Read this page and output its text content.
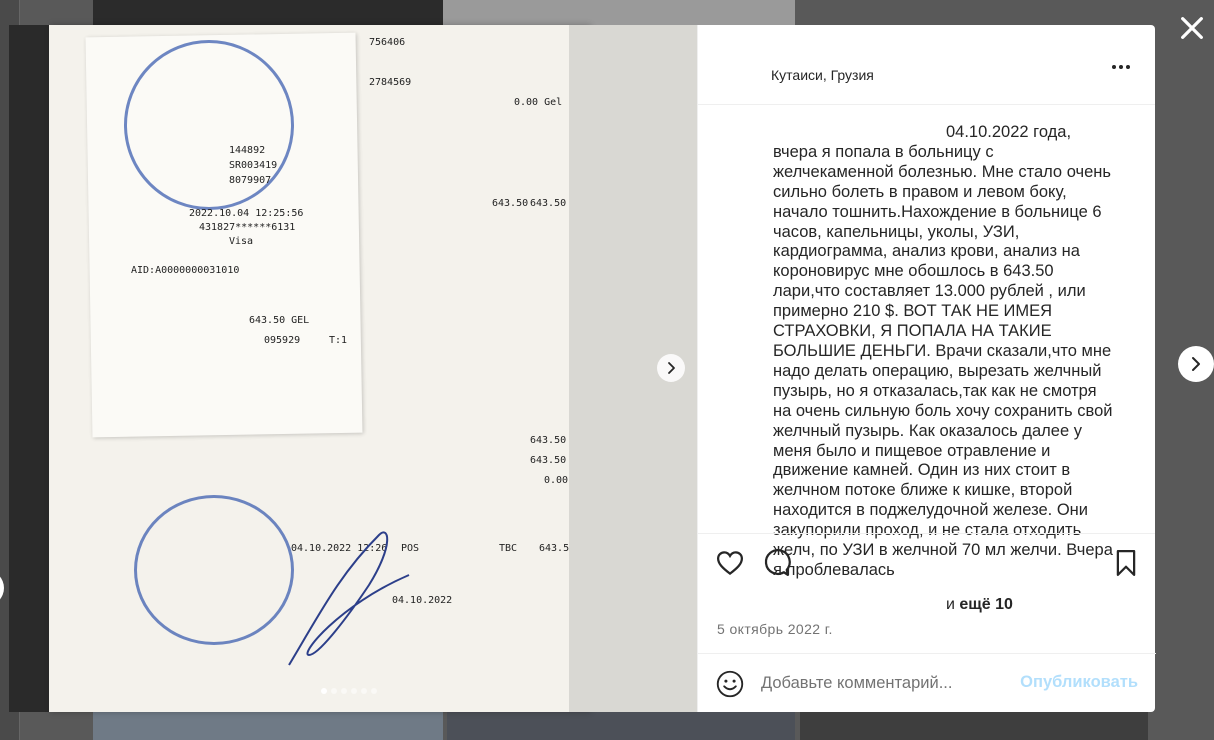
144892
SR003419
8079907
2022.10.04 12:25:56
431827******6131
Visa
AID:A0000000031010
643.50 GEL
095929	T:1
756406
2784569
0.00 Gel
643.50 643.50
643.50
643.50
0.00
04.10.2022 12:26 POS	TBC 643.5
04.10.2022
Кутаиси, Грузия

04.10.2022 года, вчера я попала в больницу с желчекаменной болезнью. Мне стало очень сильно болеть в правом и левом боку, начало тошнить.Нахождение в больнице 6 часов, капельницы, уколы, УЗИ, кардиограмма, анализ крови, анализ на короновирус мне обошлось в 643.50 лари,что составляет 13.000 рублей , или примерно 210 $. ВОТ ТАК НЕ ИМЕЯ СТРАХОВКИ, Я ПОПАЛА НА ТАКИЕ БОЛЬШИЕ ДЕНЬГИ. Врачи сказали,что мне надо делать операцию, вырезать желчный пузырь, но я отказалась,так как не смотря на очень сильную боль хочу сохранить свой желчный пузырь. Как оказалось далее у меня было и пищевое отравление и движение камней. Один из них стоит в желчном потоке ближе к кишке, второй находится в поджелудочной железе. Они закупорили проход, и не стала отходить желч, по УЗИ в желчной 70 мл желчи. Вчера я проблевалась

и ещё 10
5 октябрь 2022 г.
Добавьте комментарий...
Опубликовать
